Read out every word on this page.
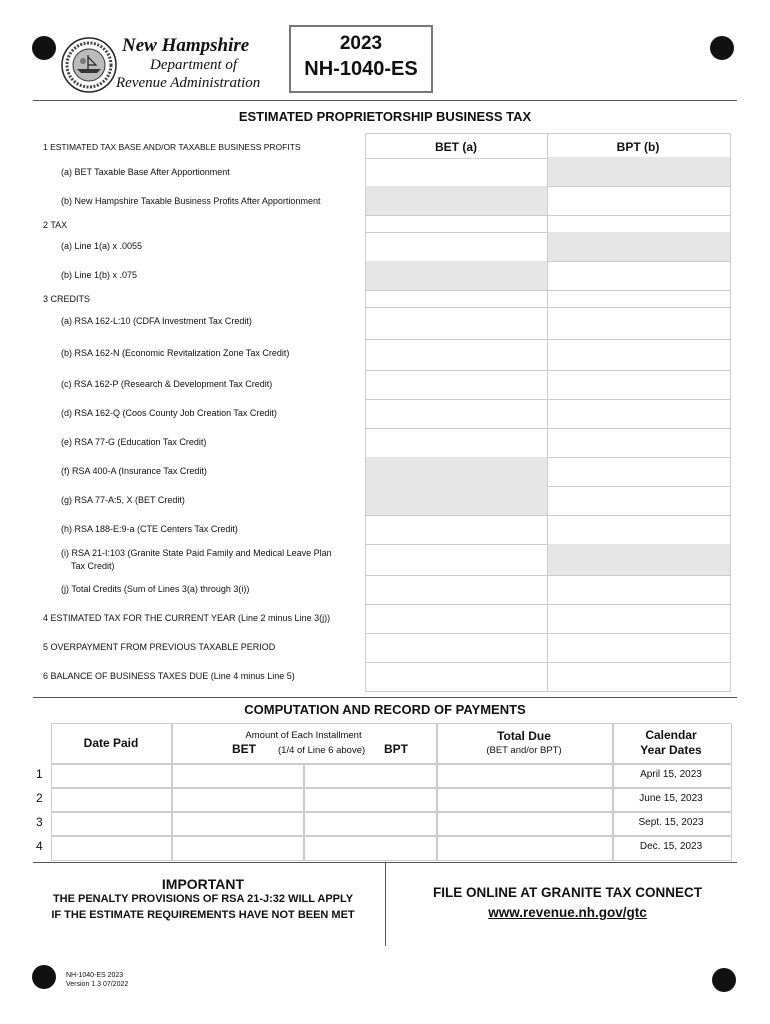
New Hampshire
Department of
Revenue Administration
2023
NH-1040-ES
ESTIMATED PROPRIETORSHIP BUSINESS TAX
BET (a)	BPT (b)
1 ESTIMATED TAX BASE AND/OR TAXABLE BUSINESS PROFITS
(a) BET Taxable Base After Apportionment
(b) New Hampshire Taxable Business Profits After Apportionment
2 TAX
(a) Line 1(a) x .0055
(b) Line 1(b) x .075
3 CREDITS
(a) RSA 162-L:10 (CDFA Investment Tax Credit)
(b) RSA 162-N (Economic Revitalization Zone Tax Credit)
(c) RSA 162-P (Research & Development Tax Credit)
(d) RSA 162-Q (Coos County Job Creation Tax Credit)
(e) RSA 77-G (Education Tax Credit)
(f) RSA 400-A (Insurance Tax Credit)
(g) RSA 77-A:5, X (BET Credit)
(h) RSA 188-E:9-a (CTE Centers Tax Credit)
(i) RSA 21-I:103 (Granite State Paid Family and Medical Leave Plan
Tax Credit)
(j) Total Credits (Sum of Lines 3(a) through 3(i))
4 ESTIMATED TAX FOR THE CURRENT YEAR (Line 2 minus Line 3(j))
5 OVERPAYMENT FROM PREVIOUS TAXABLE PERIOD
6 BALANCE OF BUSINESS TAXES DUE (Line 4 minus Line 5)
COMPUTATION AND RECORD OF PAYMENTS
Date Paid
Amount of Each Installment
BET (1/4 of Line 6 above) BPT
Total Due
(BET and/or BPT)
Calendar
Year Dates
1	April 15, 2023
2	June 15, 2023
3	Sept. 15, 2023
4	Dec. 15, 2023
IMPORTANT
THE PENALTY PROVISIONS OF RSA 21-J:32 WILL APPLY
IF THE ESTIMATE REQUIREMENTS HAVE NOT BEEN MET
FILE ONLINE AT GRANITE TAX CONNECT
www.revenue.nh.gov/gtc
NH-1040-ES 2023
Version 1.3 07/2022
